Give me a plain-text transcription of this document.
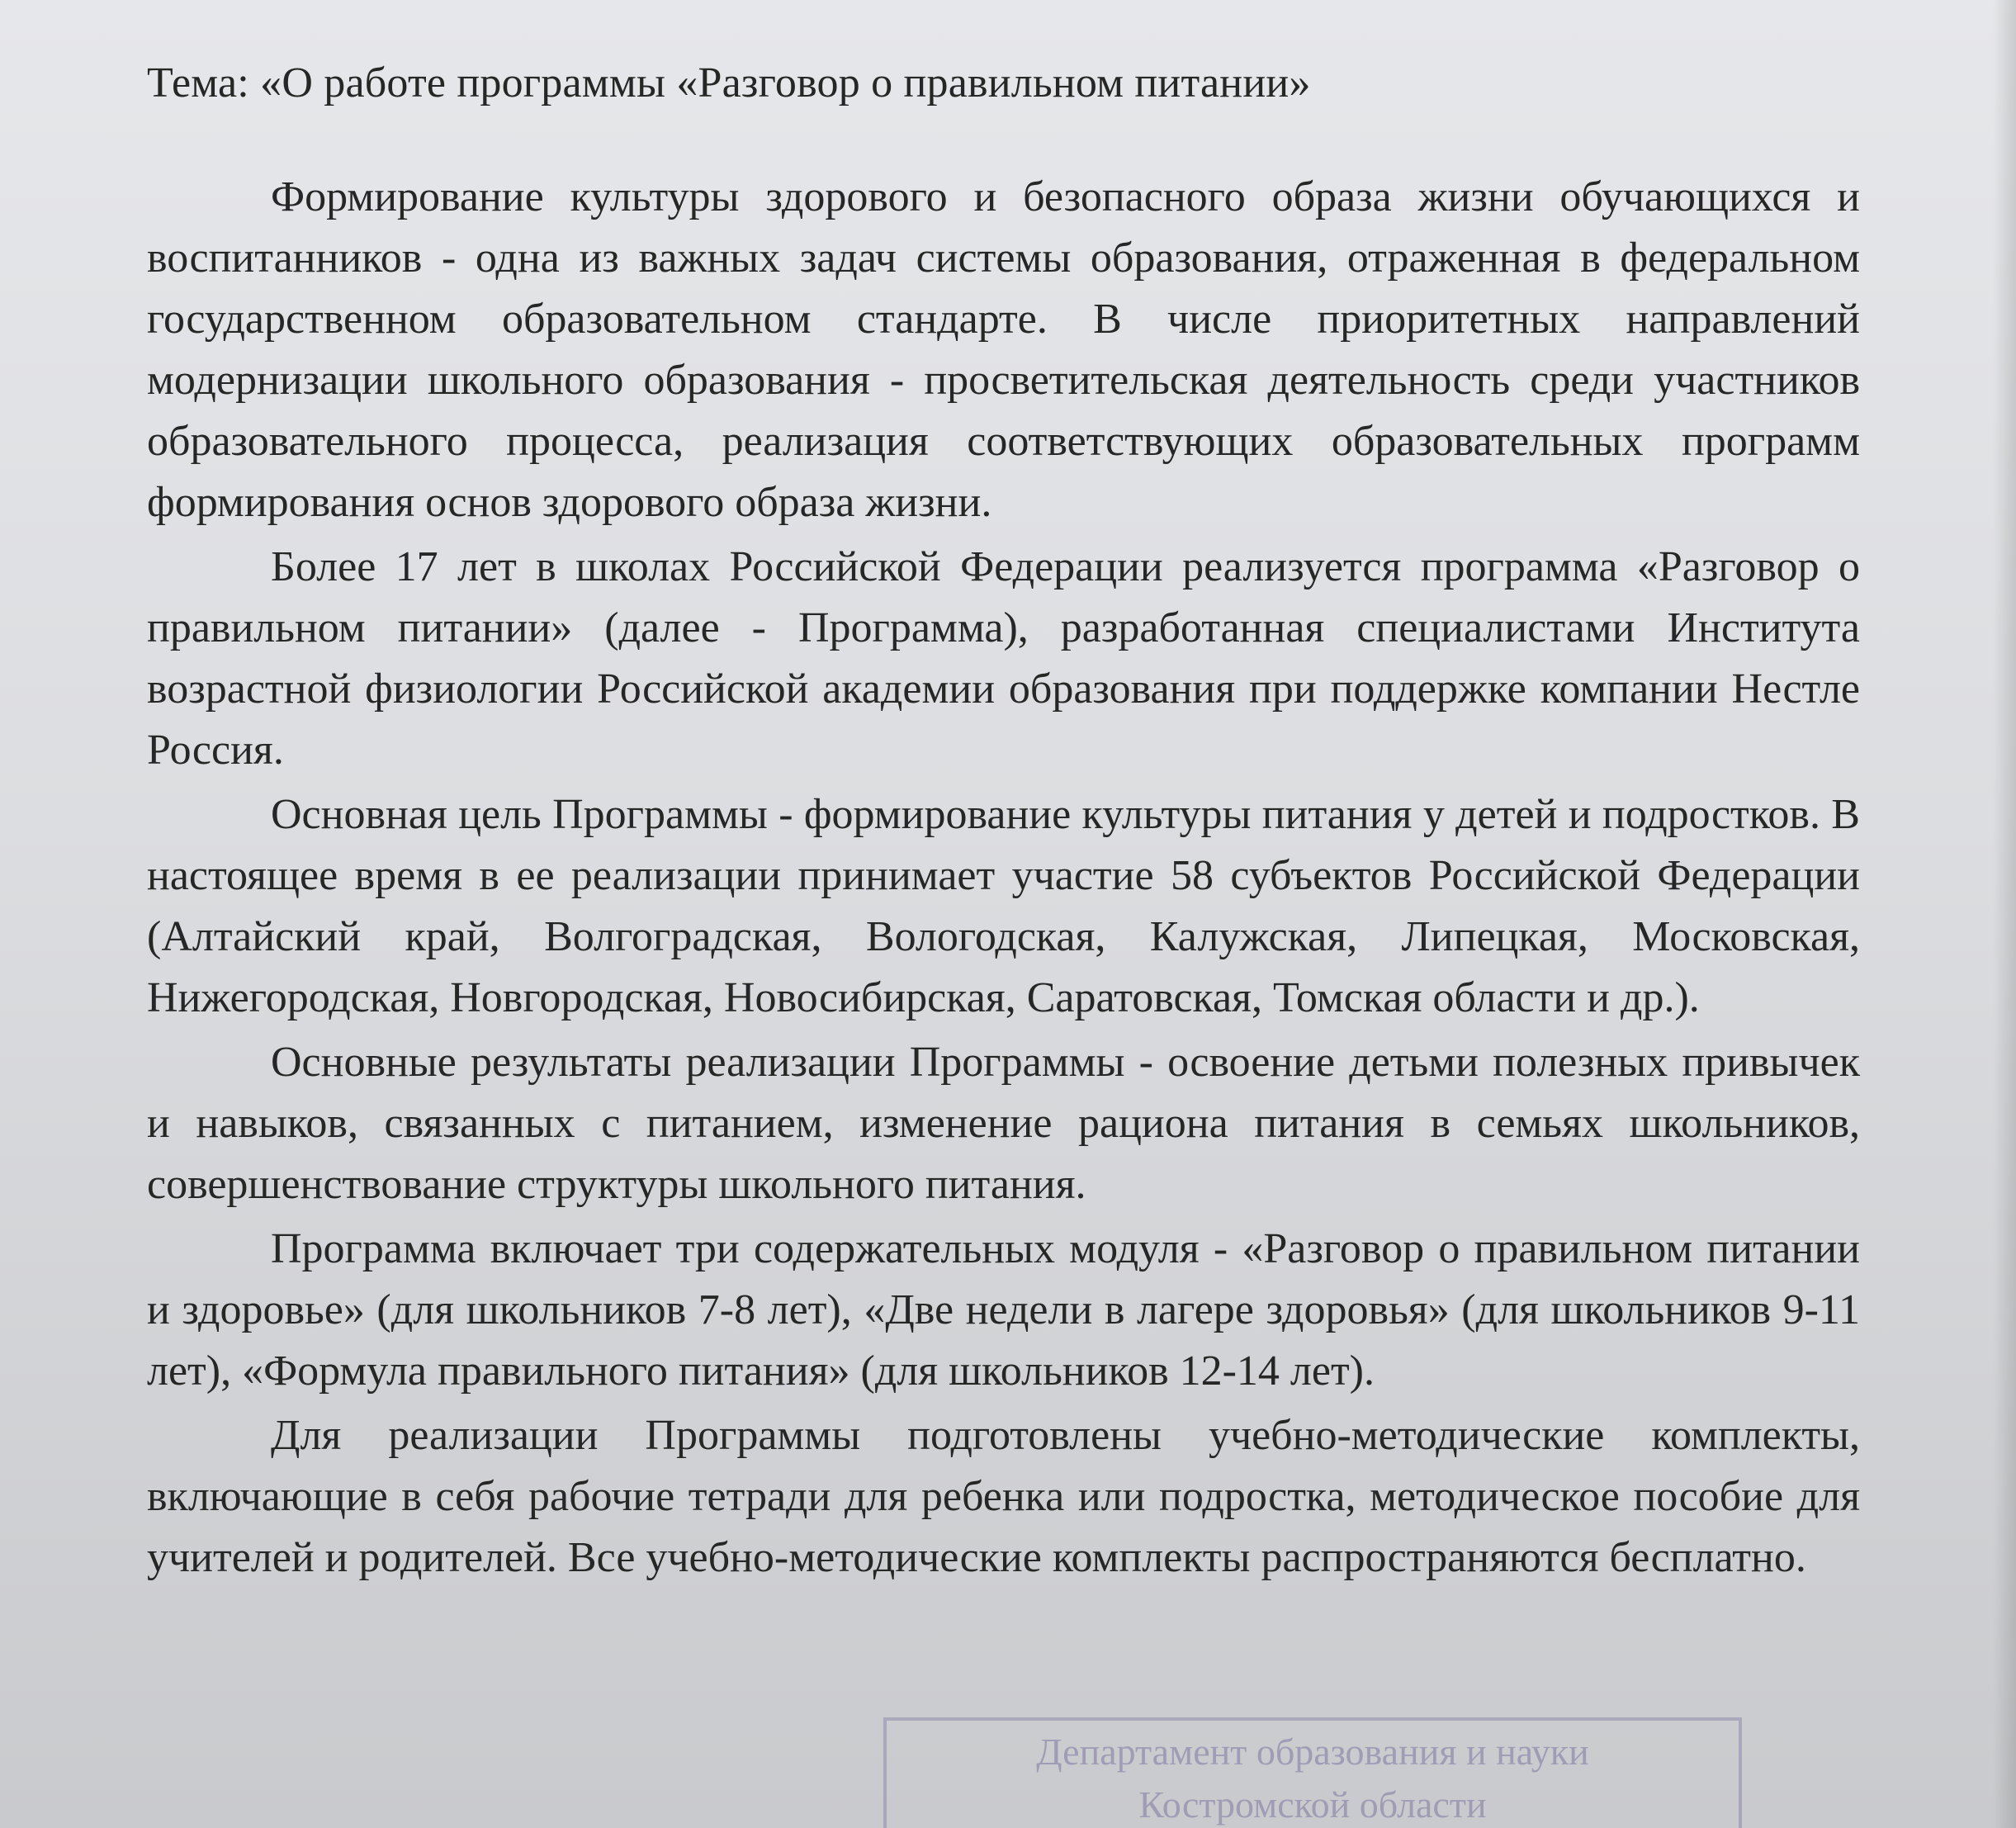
Тема: «О работе программы «Разговор о правильном питании»

Формирование культуры здорового и безопасного образа жизни обучающихся и воспитанников - одна из важных задач системы образования, отраженная в федеральном государственном образовательном стандарте. В числе приоритетных направлений модернизации школьного образования - просветительская деятельность среди участников образовательного процесса, реализация соответствующих образовательных программ формирования основ здорового образа жизни.

Более 17 лет в школах Российской Федерации реализуется программа «Разговор о правильном питании» (далее - Программа), разработанная специалистами Института возрастной физиологии Российской академии образования при поддержке компании Нестле Россия.

Основная цель Программы - формирование культуры питания у детей и подростков. В настоящее время в ее реализации принимает участие 58 субъектов Российской Федерации (Алтайский край, Волгоградская, Вологодская, Калужская, Липецкая, Московская, Нижегородская, Новгородская, Новосибирская, Саратовская, Томская области и др.).

Основные результаты реализации Программы - освоение детьми полезных привычек и навыков, связанных с питанием, изменение рациона питания в семьях школьников, совершенствование структуры школьного питания.

Программа включает три содержательных модуля - «Разговор о правильном питании и здоровье» (для школьников 7-8 лет), «Две недели в лагере здоровья» (для школьников 9-11 лет), «Формула правильного питания» (для школьников 12-14 лет).

Для реализации Программы подготовлены учебно-методические комплекты, включающие в себя рабочие тетради для ребенка или подростка, методическое пособие для учителей и родителей. Все учебно-методические комплекты распространяются бесплатно.

Департамент образования и науки
Костромской области
